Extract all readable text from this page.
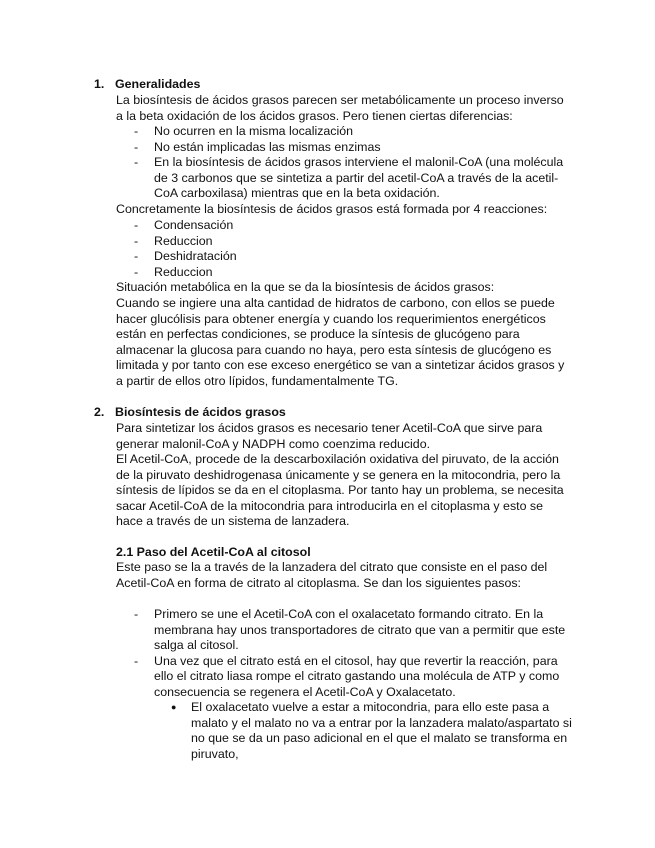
1. Generalidades
La biosíntesis de ácidos grasos parecen ser metabólicamente un proceso inverso a la beta oxidación de los ácidos grasos. Pero tienen ciertas diferencias:
- No ocurren en la misma localización
- No están implicadas las mismas enzimas
- En la biosíntesis de ácidos grasos interviene el malonil-CoA (una molécula de 3 carbonos que se sintetiza a partir del acetil-CoA a través de la acetil-CoA carboxilasa) mientras que en la beta oxidación.
Concretamente la biosíntesis de ácidos grasos está formada por 4 reacciones:
- Condensación
- Reduccion
- Deshidratación
- Reduccion
Situación metabólica en la que se da la biosíntesis de ácidos grasos:
Cuando se ingiere una alta cantidad de hidratos de carbono, con ellos se puede hacer glucólisis para obtener energía y cuando los requerimientos energéticos están en perfectas condiciones, se produce la síntesis de glucógeno para almacenar la glucosa para cuando no haya, pero esta síntesis de glucógeno es limitada y por tanto con ese exceso energético se van a sintetizar ácidos grasos y a partir de ellos otro lípidos, fundamentalmente TG.
2. Biosíntesis de ácidos grasos
Para sintetizar los ácidos grasos es necesario tener Acetil-CoA que sirve para generar malonil-CoA y NADPH como coenzima reducido.
El Acetil-CoA, procede de la descarboxilación oxidativa del piruvato, de la acción de la piruvato deshidrogenasa únicamente y se genera en la mitocondria, pero la síntesis de lípidos se da en el citoplasma. Por tanto hay un problema, se necesita sacar Acetil-CoA de la mitocondria para introducirla en el citoplasma y esto se hace a través de un sistema de lanzadera.
2.1 Paso del Acetil-CoA al citosol
Este paso se la a través de la lanzadera del citrato que consiste en el paso del Acetil-CoA en forma de citrato al citoplasma. Se dan los siguientes pasos:
- Primero se une el Acetil-CoA con el oxalacetato formando citrato. En la membrana hay unos transportadores de citrato que van a permitir que este salga al citosol.
- Una vez que el citrato está en el citosol, hay que revertir la reacción, para ello el citrato liasa rompe el citrato gastando una molécula de ATP y como consecuencia se regenera el Acetil-CoA y Oxalacetato.
● El oxalacetato vuelve a estar a mitocondria, para ello este pasa a malato y el malato no va a entrar por la lanzadera malato/aspartato si no que se da un paso adicional en el que el malato se transforma en piruvato,
